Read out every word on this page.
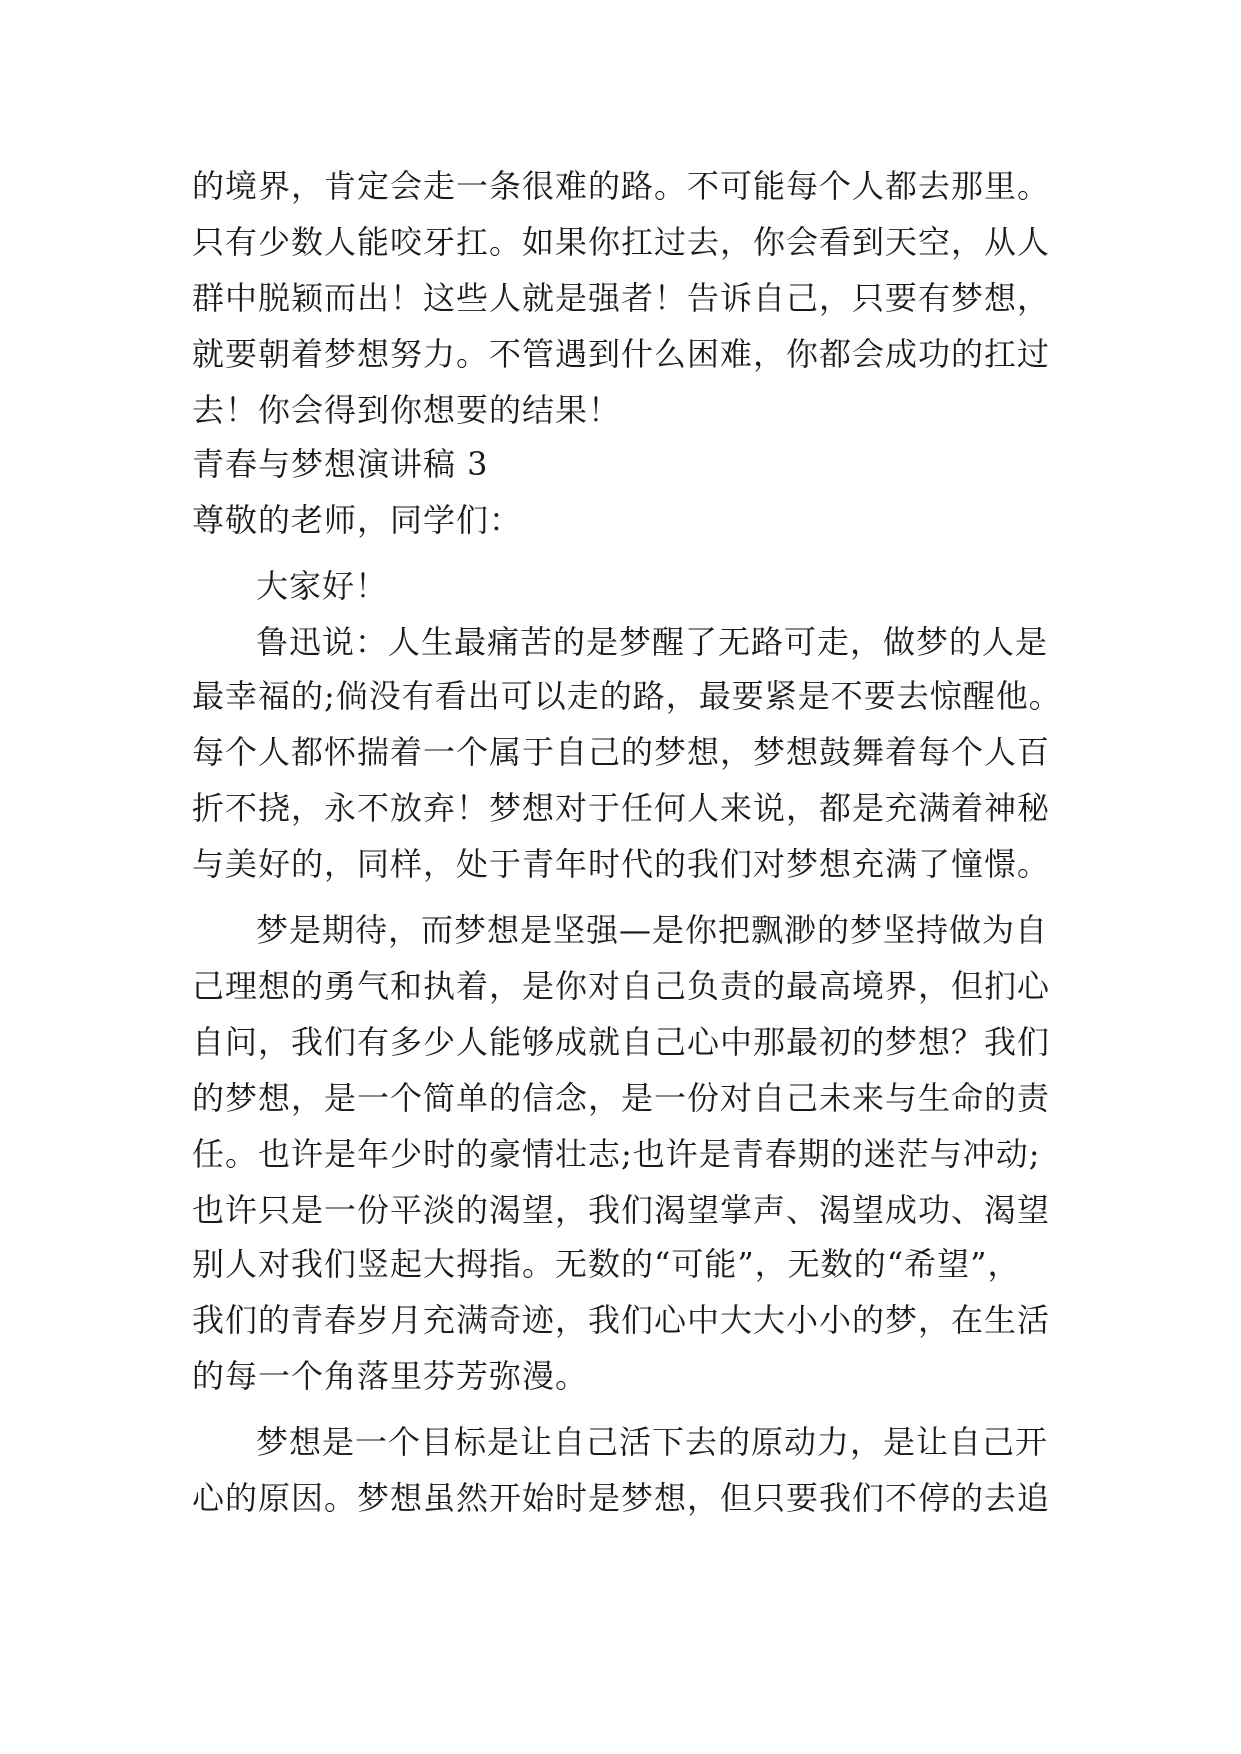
的境界，肯定会走一条很难的路。不可能每个人都去那里。
只有少数人能咬牙扛。如果你扛过去，你会看到天空，从人
群中脱颖而出！这些人就是强者！告诉自己，只要有梦想，
就要朝着梦想努力。不管遇到什么困难，你都会成功的扛过
去！你会得到你想要的结果！
青春与梦想演讲稿 3
尊敬的老师，同学们：
大家好！
鲁迅说：人生最痛苦的是梦醒了无路可走，做梦的人是
最幸福的;倘没有看出可以走的路，最要紧是不要去惊醒他。
每个人都怀揣着一个属于自己的梦想，梦想鼓舞着每个人百
折不挠，永不放弃！梦想对于任何人来说，都是充满着神秘
与美好的，同样，处于青年时代的我们对梦想充满了憧憬。
梦是期待，而梦想是坚强—是你把飘渺的梦坚持做为自
己理想的勇气和执着，是你对自己负责的最高境界，但扪心
自问，我们有多少人能够成就自己心中那最初的梦想？我们
的梦想，是一个简单的信念，是一份对自己未来与生命的责
任。也许是年少时的豪情壮志;也许是青春期的迷茫与冲动;
也许只是一份平淡的渴望，我们渴望掌声、渴望成功、渴望
别人对我们竖起大拇指。无数的“可能”，无数的“希望”，
我们的青春岁月充满奇迹，我们心中大大小小的梦，在生活
的每一个角落里芬芳弥漫。
梦想是一个目标是让自己活下去的原动力，是让自己开
心的原因。梦想虽然开始时是梦想，但只要我们不停的去追
